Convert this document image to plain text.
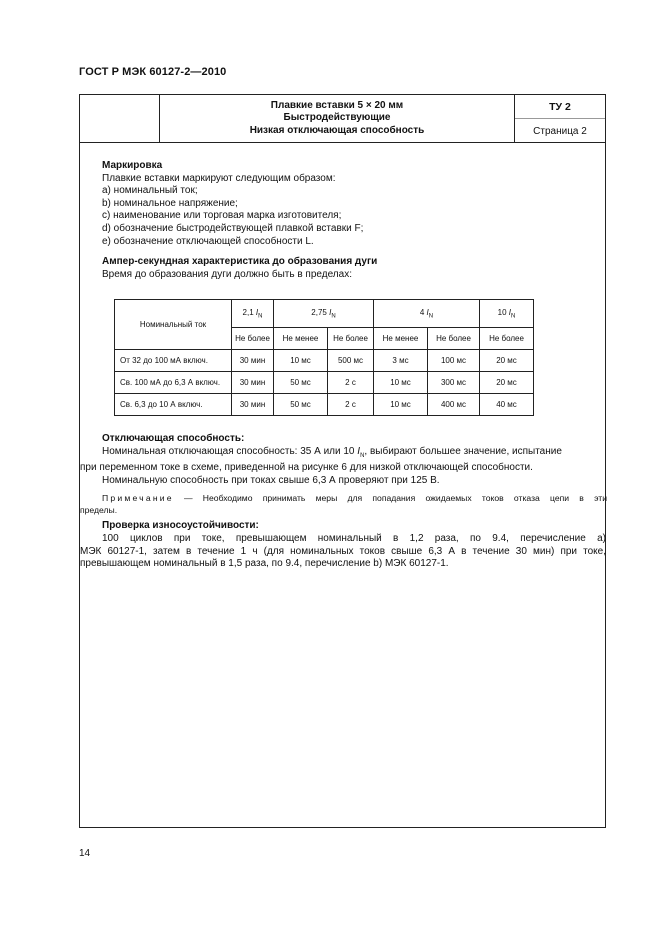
ГОСТ Р МЭК 60127-2—2010
Плавкие вставки 5 × 20 мм
Быстродействующие
Низкая отключающая способность
ТУ 2
Страница 2
Маркировка
Плавкие вставки маркируют следующим образом:
a) номинальный ток;
b) номинальное напряжение;
c) наименование или торговая марка изготовителя;
d) обозначение быстродействующей плавкой вставки F;
e) обозначение отключающей способности L.
Ампер-секундная характеристика до образования дуги
Время до образования дуги должно быть в пределах:
Номинальный ток	2,1 $I_N$	2,75 $I_N$		4 $I_N$		10 $I_N$
	Не более	Не менее	Не более	Не менее	Не более	Не более
От 32 до 100 мА включ.	30 мин	10 мс	500 мс	3 мс	100 мс	20 мс
Св. 100 мА до 6,3 А включ.	30 мин	50 мс	2 с	10 мс	300 мс	20 мс
Св. 6,3 до 10 А включ.	30 мин	50 мс	2 с	10 мс	400 мс	40 мс
Отключающая способность:
Номинальная отключающая способность: 35 А или 10 $I_N$, выбирают большее значение, испытание
при переменном токе в схеме, приведенной на рисунке 6 для низкой отключающей способности.
Номинальную способность при токах свыше 6,3 А проверяют при 125 В.
Примечание — Необходимо принимать меры для попадания ожидаемых токов отказа цепи в эти
пределы.
Проверка износоустойчивости:
100 циклов при токе, превышающем номинальный в 1,2 раза, по 9.4, перечисление а)
МЭК 60127-1, затем в течение 1 ч (для номинальных токов свыше 6,3 А в течение 30 мин) при токе,
превышающем номинальный в 1,5 раза, по 9.4, перечисление b) МЭК 60127-1.
14
